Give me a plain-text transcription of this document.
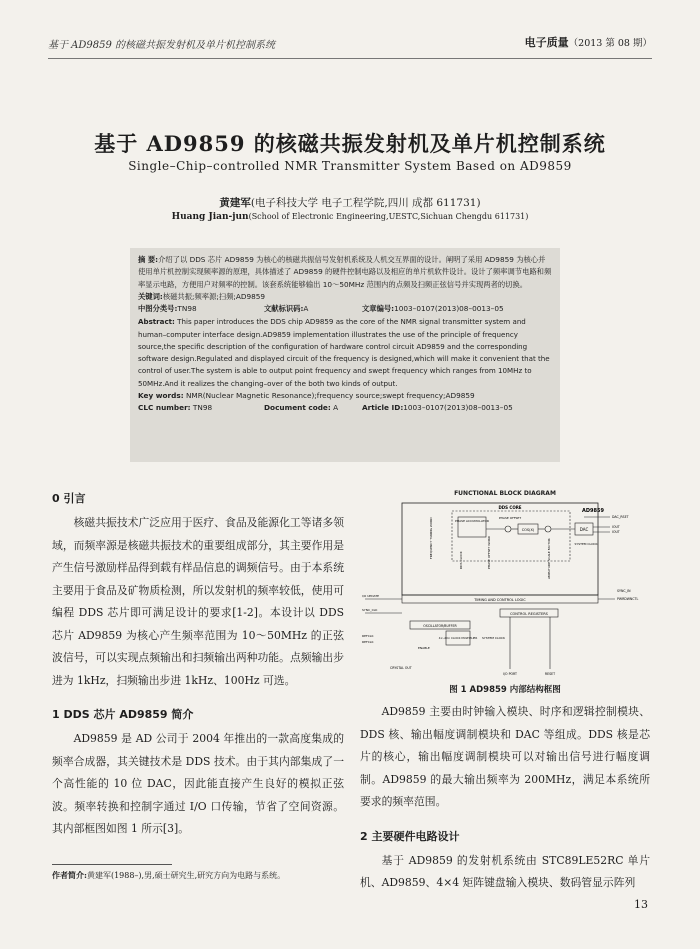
基于 AD9859 的核磁共振发射机及单片机控制系统	电子质量（2013 第 08 期）
基于 AD9859 的核磁共振发射机及单片机控制系统
Single–Chip–controlled NMR Transmitter System Based on AD9859
黄建军(电子科技大学 电子工程学院,四川 成都 611731)
Huang Jian-jun(School of Electronic Engineering,UESTC,Sichuan Chengdu 611731)

摘 要:介绍了以 DDS 芯片 AD9859 为核心的核磁共振信号发射机系统及人机交互界面的设计。阐明了采用 AD9859 为核心并使用单片机控制实现频率源的原理，具体描述了 AD9859 的硬件控制电路以及相应的单片机软件设计。设计了频率调节电路和频率显示电路，方便用户对频率的控制。该套系统能够输出 10～50MHz 范围内的点频及扫频正弦信号并实现两者的切换。

关键词:核磁共振;频率源;扫频;AD9859

中图分类号:TN98	文献标识码:A	文章编号:1003–0107(2013)08–0013–05

Abstract: This paper introduces the DDS chip AD9859 as the core of the NMR signal transmitter system and human–computer interface design.AD9859 implementation illustrates the use of the principle of frequency source,the specific description of the configuration of hardware control circuit AD9859 and the corresponding software design.Regulated and displayed circuit of the frequency is designed,which will make it convenient that the control of user.The system is able to output point frequency and swept frequency which ranges from 10MHz to 50MHz.And it realizes the changing–over of the both two kinds of output.

Key words: NMR(Nuclear Magnetic Resonance);frequency source;swept frequency;AD9859

CLC number: TN98	Document code: A	Article ID:1003–0107(2013)08–0013–05

0 引言

核磁共振技术广泛应用于医疗、食品及能源化工等诸多领域，而频率源是核磁共振技术的重要组成部分，其主要作用是产生信号激励样品得到载有样品信息的调频信号。由于本系统主要用于食品及矿物质检测，所以发射机的频率较低，使用可编程 DDS 芯片即可满足设计的要求[1-2]。本设计以 DDS 芯片 AD9859 为核心产生频率范围为 10～50MHz 的正弦波信号，可以实现点频输出和扫频输出两种功能。点频输出步进为 1kHz，扫频输出步进 1kHz、100Hz 可选。

1 DDS 芯片 AD9859 简介

AD9859 是 AD 公司于 2004 年推出的一款高度集成的频率合成器，其关键技术是 DDS 技术。由于其内部集成了一个高性能的 10 位 DAC，因此能直接产生良好的模拟正弦波。频率转换和控制字通过 I/O 口传输，节省了空间资源。其内部框图如图 1 所示[3]。

FUNCTIONAL BLOCK DIAGRAM
DDS CORE
AD9859
PHASE ACCUMULATOR
PHASE OFFSET
COS(X)	DAC
DAC_RSET
IOUT
IOUT
SYSTEM CLOCK
FREQUENCY TUNING WORD
DDS CLOCK	PHASE OFFSET WORD	AMPLITUDE SCALE FACTOR
TIMING AND CONTROL LOGIC
SYNC_IN
PWRDWNCTL
CONTROL REGISTERS
I/O UPDATE
SYNC_CLK
OSCILLATOR/BUFFER
4×–20× CLOCK MULTIPLIER SYSTEM CLOCK
REFCLK
REFCLK
ENABLE
CRYSTAL OUT
I/O PORT	RESET
图 1 AD9859 内部结构框图

AD9859 主要由时钟输入模块、时序和逻辑控制模块、DDS 核、输出幅度调制模块和 DAC 等组成。DDS 核是芯片的核心，输出幅度调制模块可以对输出信号进行幅度调制。AD9859 的最大输出频率为 200MHz，满足本系统所要求的频率范围。

2 主要硬件电路设计

基于 AD9859 的发射机系统由 STC89LE52RC 单片机、AD9859、4×4 矩阵键盘输入模块、数码管显示阵列

作者简介:黄建军(1988–),男,硕士研究生,研究方向为电路与系统。
13
